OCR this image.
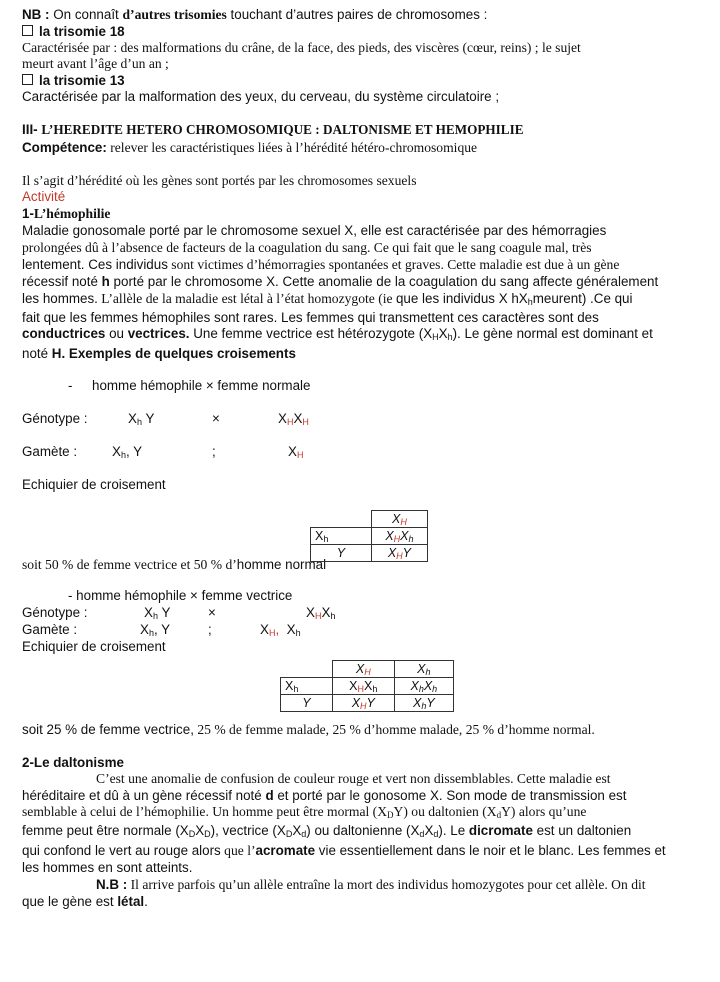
NB : On connaît d’autres trisomies touchant d’autres paires de chromosomes :
la trisomie 18
Caractérisée par : des malformations du crâne, de la face, des pieds, des viscères (cœur, reins) ; le sujet
meurt avant l’âge d’un an ;
la trisomie 13
Caractérisée par la malformation des yeux, du cerveau, du système circulatoire ;
III- L’HEREDITE HETERO CHROMOSOMIQUE : DALTONISME ET HEMOPHILIE
Compétence: relever les caractéristiques liées à l’hérédité hétéro-chromosomique
Il s’agit d’hérédité où les gènes sont portés par les chromosomes sexuels
Activité
1-L’hémophilie
Maladie gonosomale porté par le chromosome sexuel X, elle est caractérisée par des hémorragies
prolongées dû à l’absence de facteurs de la coagulation du sang. Ce qui fait que le sang coagule mal, très
lentement. Ces individus sont victimes d’hémorragies spontanées et graves. Cette maladie est due à un gène
récessif noté h porté par le chromosome X. Cette anomalie de la coagulation du sang affecte généralement
les hommes. L’allèle de la maladie est létal à l’état homozygote (ie que les individus X $hX_hmeurent$) .Ce qui
fait que les femmes hémophiles sont rares. Les femmes qui transmettent ces caractères sont des
conductrices ou vectrices. Une femme vectrice est hétérozygote $(X_HX_h)$. Le gène normal est dominant et
noté H. Exemples de quelques croisements
- homme hémophile × femme normale
Génotype :	$X_h$ Y	×	$X_HX_H$
Gamète :	$X_h$, Y	;	$X_H$
Echiquier de croisement
	$X_H$
$X_h$	$X_HX_h$
Y	$X_HY$
soit 50 % de femme vectrice et 50 % d’homme normal
- homme hémophile × femme vectrice
Génotype :	$X_h$ Y	×	$X_HX_h$
Gamète :	$X_h$, Y	;	$X_H$, $X_h$
Echiquier de croisement
	$X_H$	$X_h$
$X_h$	$X_HX_h$	$X_hX_h$
Y	$X_HY$	$X_hY$
soit 25 % de femme vectrice, 25 % de femme malade, 25 % d’homme malade, 25 % d’homme normal.
2-Le daltonisme
C’est une anomalie de confusion de couleur rouge et vert non dissemblables. Cette maladie est
héréditaire et dû à un gène récessif noté d et porté par le gonosome X. Son mode de transmission est
semblable à celui de l’hémophilie. Un homme peut être mormal $(X_DY)$ ou daltonien $(X_dY)$ alors qu’une
femme peut être normale $(X_DX_D)$, vectrice $(X_DX_d)$ ou daltonienne $(X_dX_d)$. Le dicromate est un daltonien
qui confond le vert au rouge alors que l’acromate vie essentiellement dans le noir et le blanc. Les femmes et
les hommes en sont atteints.
N.B : Il arrive parfois qu’un allèle entraîne la mort des individus homozygotes pour cet allèle. On dit
que le gène est létal.
